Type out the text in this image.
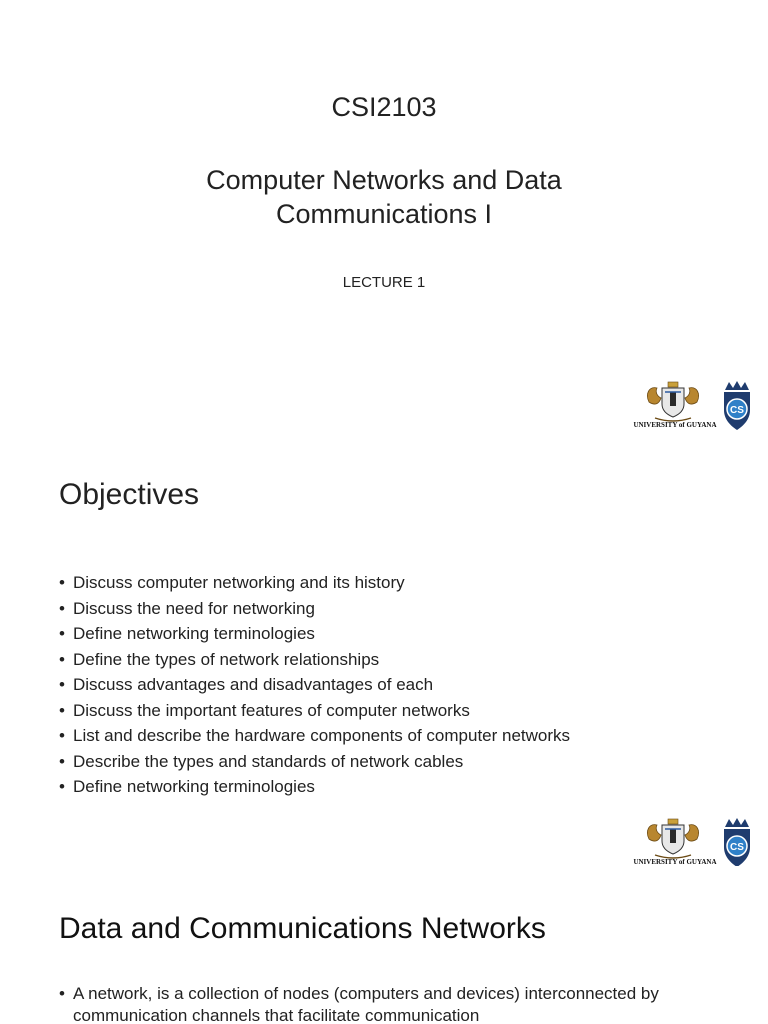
CSI2103
Computer Networks and Data
Communications I
LECTURE 1
UNIVERSITY of GUYANA
CS
Objectives
• Discuss computer networking and its history
• Discuss the need for networking
• Define networking terminologies
• Define the types of network relationships
• Discuss advantages and disadvantages of each
• Discuss the important features of computer networks
• List and describe the hardware components of computer networks
• Describe the types and standards of network cables
• Define networking terminologies
UNIVERSITY of GUYANA
CS
Data and Communications Networks
• A network, is a collection of nodes (computers and devices) interconnected by communication channels that facilitate communication
